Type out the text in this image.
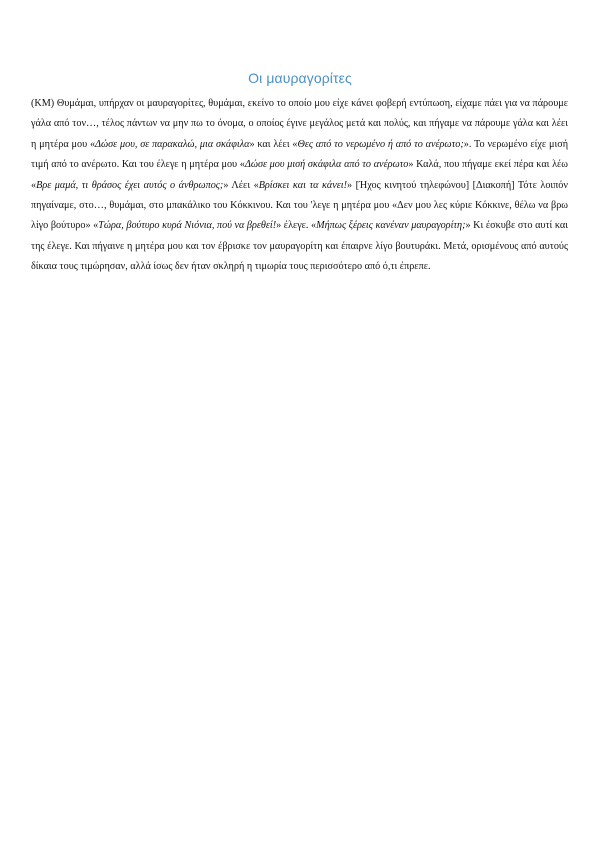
Οι μαυραγορίτες

(ΚΜ) Θυμάμαι, υπήρχαν οι μαυραγορίτες, θυμάμαι, εκείνο το οποίο μου είχε κάνει φοβερή εντύπωση, είχαμε πάει για να πάρουμε γάλα από τον…, τέλος πάντων να μην πω το όνομα, ο οποίος έγινε μεγάλος μετά και πολύς, και πήγαμε να πάρουμε γάλα και λέει η μητέρα μου «Δώσε μου, σε παρακαλώ, μια σκάφιλα» και λέει «Θες από το νερωμένο ή από το ανέρωτο;». Το νερωμένο είχε μισή τιμή από το ανέρωτο. Και του έλεγε η μητέρα μου «Δώσε μου μισή σκάφιλα από το ανέρωτο» Καλά, που πήγαμε εκεί πέρα και λέω «Βρε μαμά, τι θράσος έχει αυτός ο άνθρωπος;» Λέει «Βρίσκει και τα κάνει!» [Ήχος κινητού τηλεφώνου] [Διακοπή] Τότε λοιπόν πηγαίναμε, στο…, θυμάμαι, στο μπακάλικο του Κόκκινου. Και του 'λεγε η μητέρα μου «Δεν μου λες κύριε Κόκκινε, θέλω να βρω λίγο βούτυρο» «Τώρα, βούτυρο κυρά Νιόνια, πού να βρεθεί!» έλεγε. «Μήπως ξέρεις κανέναν μαυραγορίτη;» Κι έσκυβε στο αυτί και της έλεγε. Και πήγαινε η μητέρα μου και τον έβρισκε τον μαυραγορίτη και έπαιρνε λίγο βουτυράκι. Μετά, ορισμένους από αυτούς δίκαια τους τιμώρησαν, αλλά ίσως δεν ήταν σκληρή η τιμωρία τους περισσότερο από ό,τι έπρεπε.
